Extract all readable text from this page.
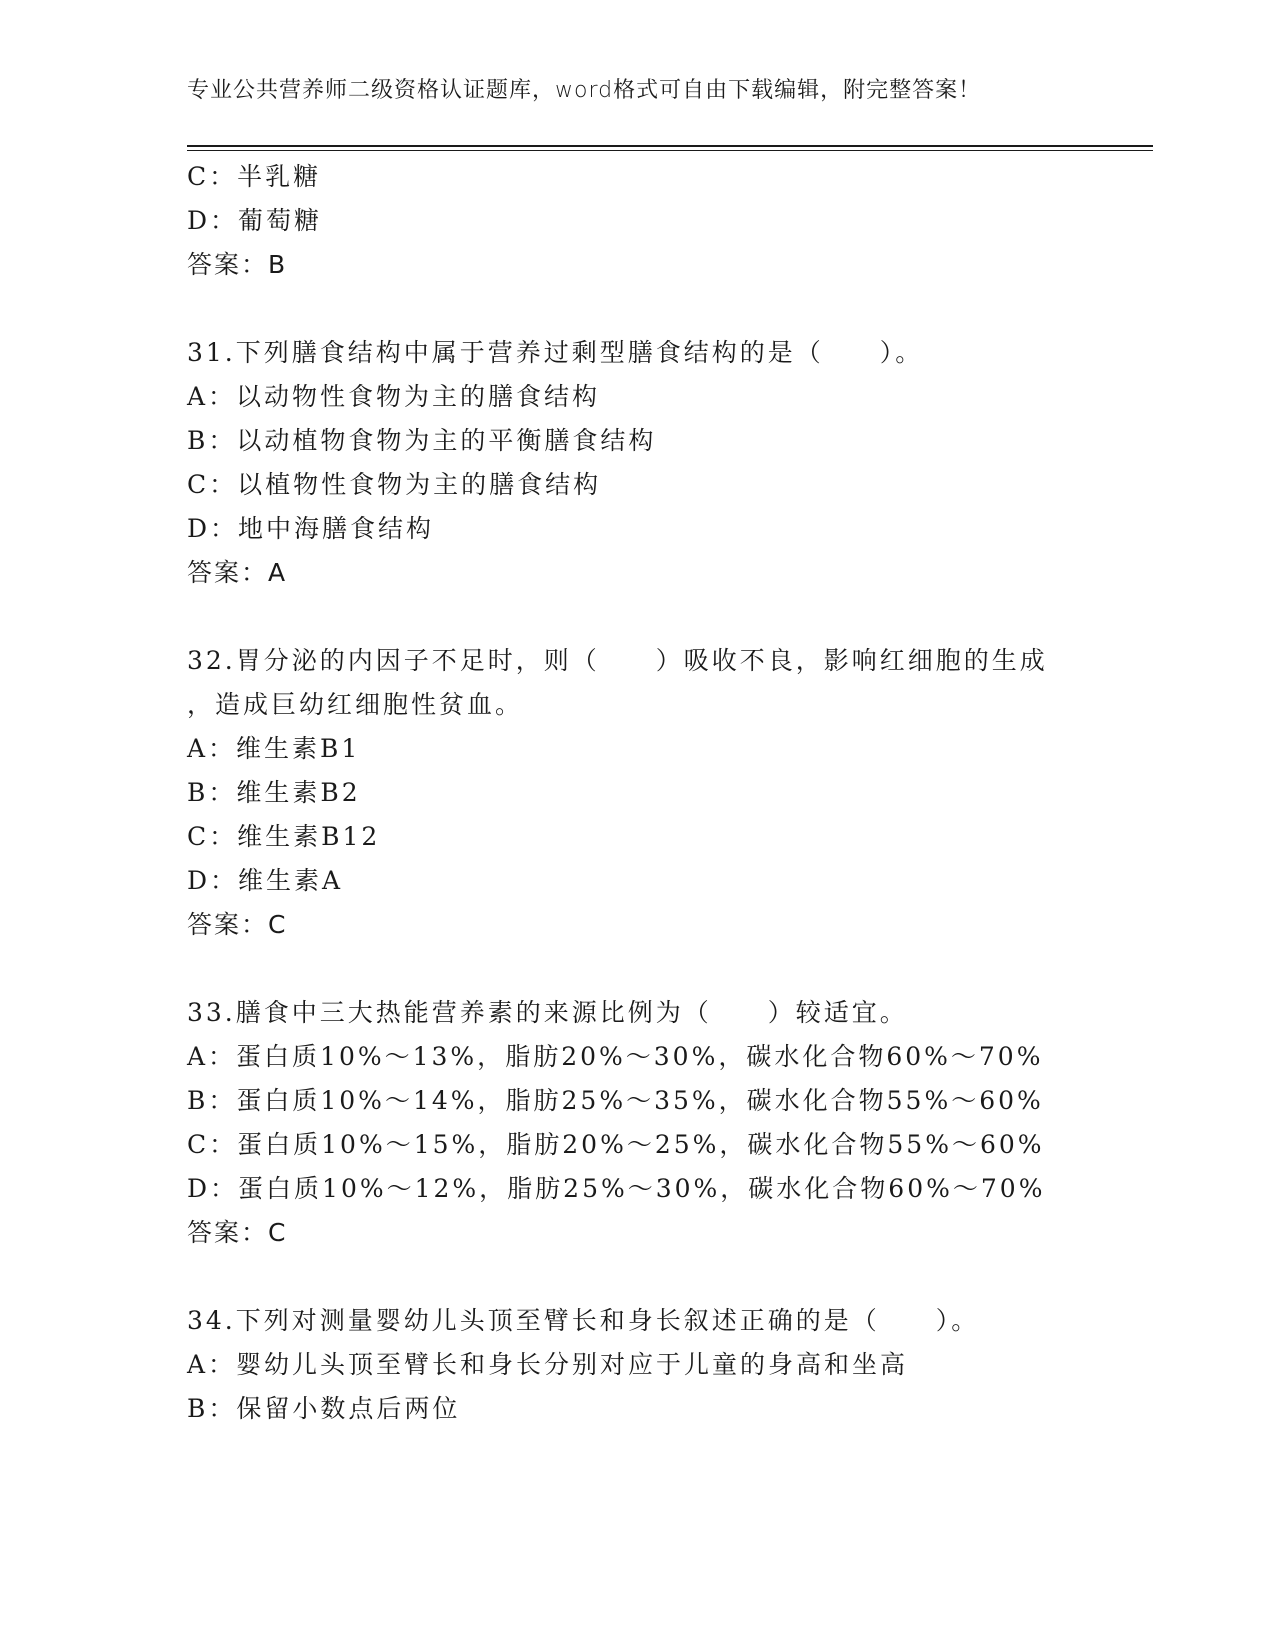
专业公共营养师二级资格认证题库，word格式可自由下载编辑，附完整答案！
C：半乳糖
D：葡萄糖
答案：B
31.下列膳食结构中属于营养过剩型膳食结构的是（　　）。
A：以动物性食物为主的膳食结构
B：以动植物食物为主的平衡膳食结构
C：以植物性食物为主的膳食结构
D：地中海膳食结构
答案：A
32.胃分泌的内因子不足时，则（　　）吸收不良，影响红细胞的生成
，造成巨幼红细胞性贫血。
A：维生素B1
B：维生素B2
C：维生素B12
D：维生素A
答案：C
33.膳食中三大热能营养素的来源比例为（　　）较适宜。
A：蛋白质10%～13%，脂肪20%～30%，碳水化合物60%～70%
B：蛋白质10%～14%，脂肪25%～35%，碳水化合物55%～60%
C：蛋白质10%～15%，脂肪20%～25%，碳水化合物55%～60%
D：蛋白质10%～12%，脂肪25%～30%，碳水化合物60%～70%
答案：C
34.下列对测量婴幼儿头顶至臂长和身长叙述正确的是（　　）。
A：婴幼儿头顶至臂长和身长分别对应于儿童的身高和坐高
B：保留小数点后两位
